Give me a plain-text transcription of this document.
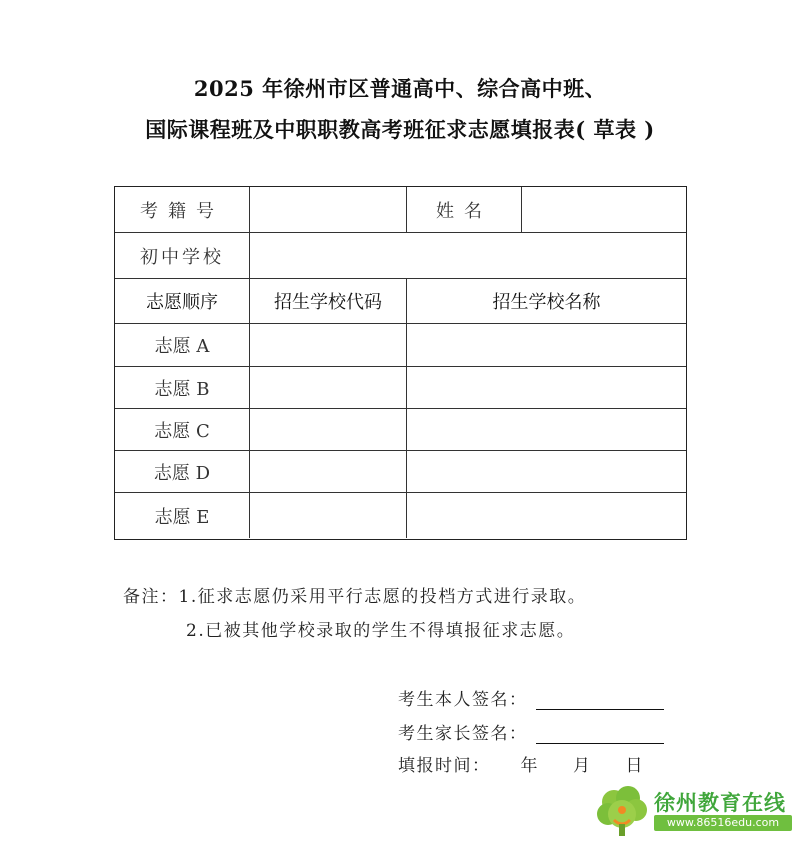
2025 年徐州市区普通高中、综合高中班、
国际课程班及中职职教高考班征求志愿填报表( 草表 )
考籍号	姓名
初中学校
志愿顺序	招生学校代码	招生学校名称
志愿 A
志愿 B
志愿 C
志愿 D
志愿 E
备注：1.征求志愿仍采用平行志愿的投档方式进行录取。
2.已被其他学校录取的学生不得填报征求志愿。
考生本人签名：
考生家长签名：
填报时间： 年 月 日
徐州教育在线
www.86516edu.com
